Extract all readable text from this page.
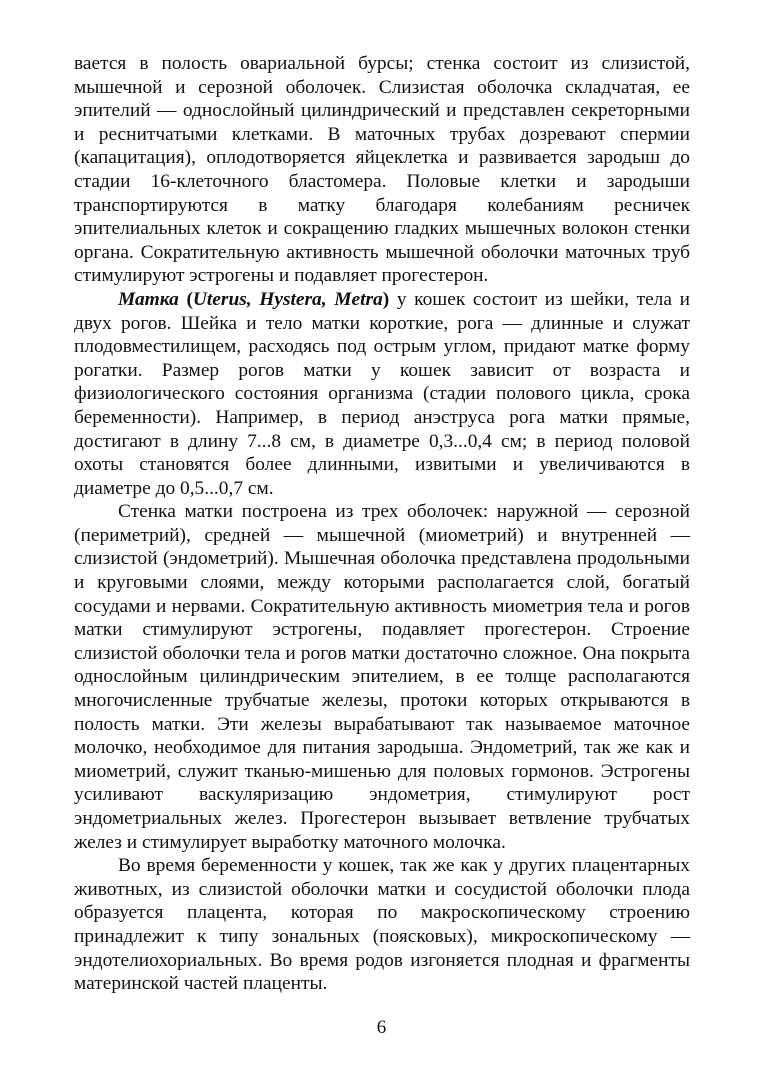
вается в полость овариальной бурсы; стенка состоит из слизистой, мышечной и серозной оболочек. Слизистая оболочка складчатая, ее эпителий — однослойный цилиндрический и представлен секреторными и реснитчатыми клетками. В маточных трубах дозревают спермии (капацитация), оплодотворяется яйцеклетка и развивается зародыш до стадии 16-клеточного бластомера. Половые клетки и зародыши транспортируются в матку благодаря колебаниям ресничек эпителиальных клеток и сокращению гладких мышечных волокон стенки органа. Сократительную активность мышечной оболочки маточных труб стимулируют эстрогены и подавляет прогестерон.

Матка (Uterus, Hystera, Metra) у кошек состоит из шейки, тела и двух рогов. Шейка и тело матки короткие, рога — длинные и служат плодовместилищем, расходясь под острым углом, придают матке форму рогатки. Размер рогов матки у кошек зависит от возраста и физиологического состояния организма (стадии полового цикла, срока беременности). Например, в период анэструса рога матки прямые, достигают в длину 7...8 см, в диаметре 0,3...0,4 см; в период половой охоты становятся более длинными, извитыми и увеличиваются в диаметре до 0,5...0,7 см.

Стенка матки построена из трех оболочек: наружной — серозной (периметрий), средней — мышечной (миометрий) и внутренней — слизистой (эндометрий). Мышечная оболочка представлена продольными и круговыми слоями, между которыми располагается слой, богатый сосудами и нервами. Сократительную активность миометрия тела и рогов матки стимулируют эстрогены, подавляет прогестерон. Строение слизистой оболочки тела и рогов матки достаточно сложное. Она покрыта однослойным цилиндрическим эпителием, в ее толще располагаются многочисленные трубчатые железы, протоки которых открываются в полость матки. Эти железы вырабатывают так называемое маточное молочко, необходимое для питания зародыша. Эндометрий, так же как и миометрий, служит тканью-мишенью для половых гормонов. Эстрогены усиливают васкуляризацию эндометрия, стимулируют рост эндометриальных желез. Прогестерон вызывает ветвление трубчатых желез и стимулирует выработку маточного молочка.

Во время беременности у кошек, так же как у других плацентарных животных, из слизистой оболочки матки и сосудистой оболочки плода образуется плацента, которая по макроскопическому строению принадлежит к типу зональных (поясковых), микроскопическому — эндотелиохориальных. Во время родов изгоняется плодная и фрагменты материнской частей плаценты.

6
